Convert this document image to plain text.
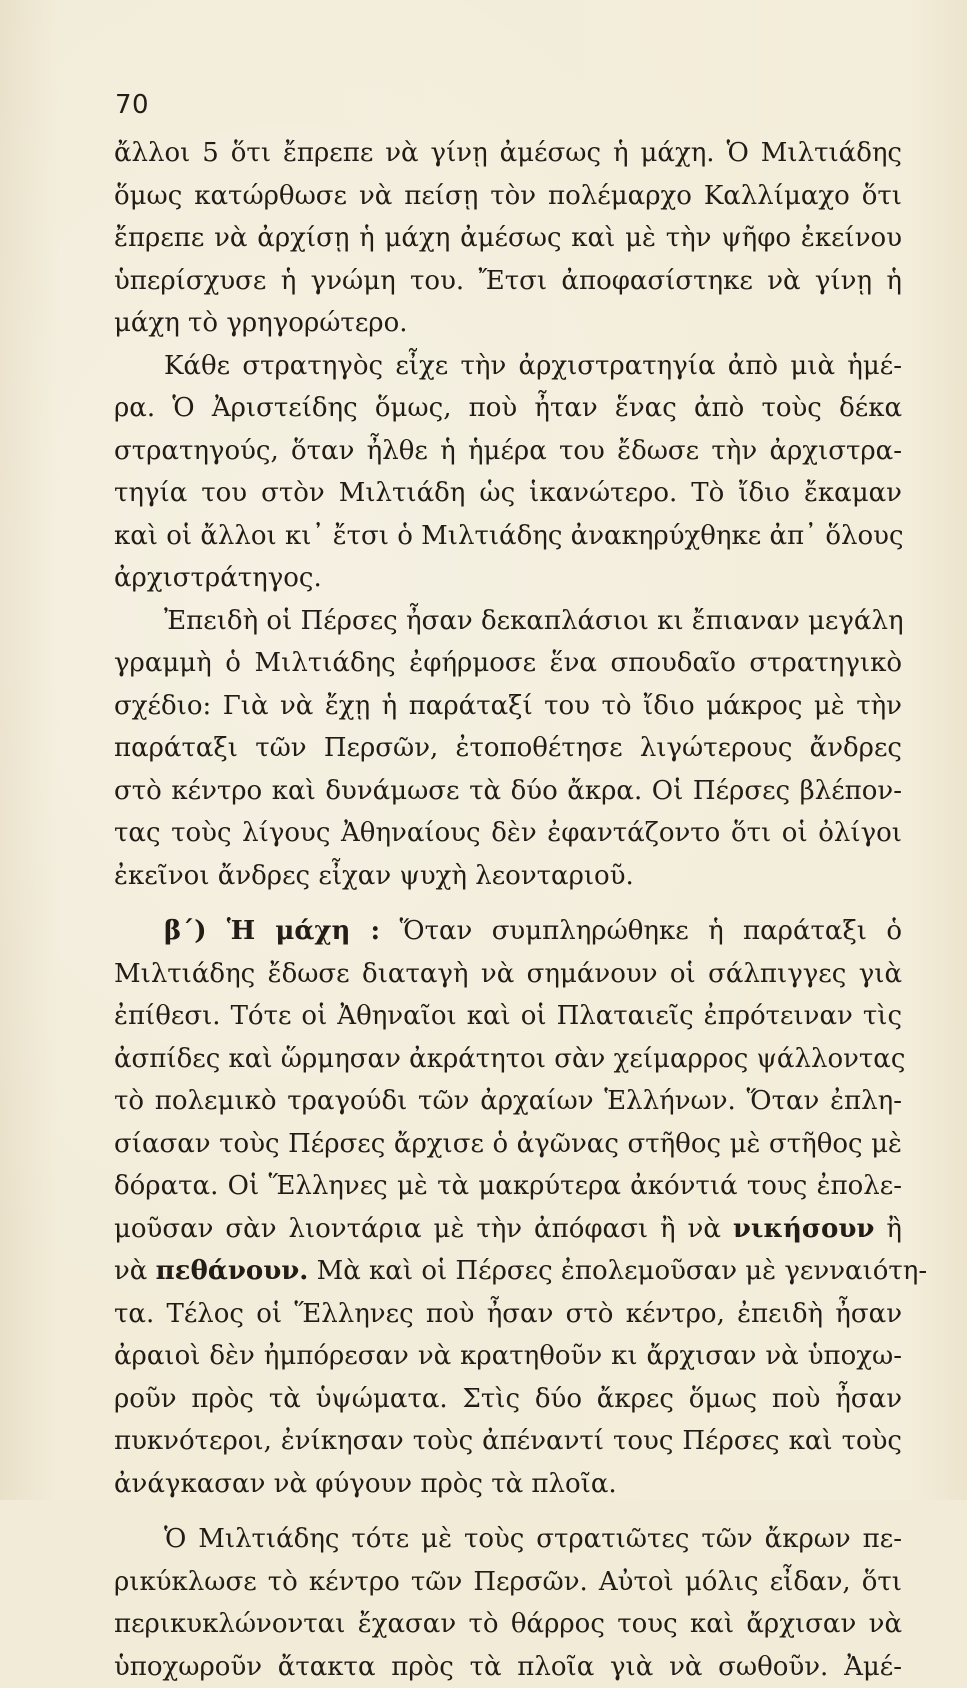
70
ἄλλοι 5 ὅτι ἔπρεπε νὰ γίνῃ ἀμέσως ἡ μάχη. Ὁ Μιλτιάδης
ὅμως κατώρθωσε νὰ πείσῃ τὸν πολέμαρχο Καλλίμαχο ὅτι
ἔπρεπε νὰ ἀρχίσῃ ἡ μάχη ἀμέσως καὶ μὲ τὴν ψῆφο ἐκείνου
ὑπερίσχυσε ἡ γνώμη του. Ἔτσι ἀποφασίστηκε νὰ γίνῃ ἡ
μάχη τὸ γρηγορώτερο.
Κάθε στρατηγὸς εἶχε τὴν ἀρχιστρατηγία ἀπὸ μιὰ ἡμέ-
ρα. Ὁ Ἀριστείδης ὅμως, ποὺ ἦταν ἕνας ἀπὸ τοὺς δέκα
στρατηγούς, ὅταν ἦλθε ἡ ἡμέρα του ἔδωσε τὴν ἀρχιστρα-
τηγία του στὸν Μιλτιάδη ὡς ἱκανώτερο. Τὸ ἴδιο ἔκαμαν
καὶ οἱ ἄλλοι κι᾿ ἔτσι ὁ Μιλτιάδης ἀνακηρύχθηκε ἀπ᾿ ὅλους
ἀρχιστράτηγος.
Ἐπειδὴ οἱ Πέρσες ἦσαν δεκαπλάσιοι κι ἔπιαναν μεγάλη
γραμμὴ ὁ Μιλτιάδης ἐφήρμοσε ἕνα σπουδαῖο στρατηγικὸ
σχέδιο: Γιὰ νὰ ἔχῃ ἡ παράταξί του τὸ ἴδιο μάκρος μὲ τὴν
παράταξι τῶν Περσῶν, ἐτοποθέτησε λιγώτερους ἄνδρες
στὸ κέντρο καὶ δυνάμωσε τὰ δύο ἄκρα. Οἱ Πέρσες βλέπον-
τας τοὺς λίγους Ἀθηναίους δὲν ἐφαντάζοντο ὅτι οἱ ὀλίγοι
ἐκεῖνοι ἄνδρες εἶχαν ψυχὴ λεονταριοῦ.
β´) Ἡ μάχη : Ὅταν συμπληρώθηκε ἡ παράταξι ὁ
Μιλτιάδης ἔδωσε διαταγὴ νὰ σημάνουν οἱ σάλπιγγες γιὰ
ἐπίθεσι. Τότε οἱ Ἀθηναῖοι καὶ οἱ Πλαταιεῖς ἐπρότειναν τὶς
ἀσπίδες καὶ ὥρμησαν ἀκράτητοι σὰν χείμαρρος ψάλλοντας
τὸ πολεμικὸ τραγούδι τῶν ἀρχαίων Ἑλλήνων. Ὅταν ἐπλη-
σίασαν τοὺς Πέρσες ἄρχισε ὁ ἀγῶνας στῆθος μὲ στῆθος μὲ
δόρατα. Οἱ Ἕλληνες μὲ τὰ μακρύτερα ἀκόντιά τους ἐπολε-
μοῦσαν σὰν λιοντάρια μὲ τὴν ἀπόφασι ἢ νὰ νικήσουν ἢ
νὰ πεθάνουν. Μὰ καὶ οἱ Πέρσες ἐπολεμοῦσαν μὲ γενναιότη-
τα. Τέλος οἱ Ἕλληνες ποὺ ἦσαν στὸ κέντρο, ἐπειδὴ ἦσαν
ἀραιοὶ δὲν ἠμπόρεσαν νὰ κρατηθοῦν κι ἄρχισαν νὰ ὑποχω-
ροῦν πρὸς τὰ ὑψώματα. Στὶς δύο ἄκρες ὅμως ποὺ ἦσαν
πυκνότεροι, ἐνίκησαν τοὺς ἀπέναντί τους Πέρσες καὶ τοὺς
ἀνάγκασαν νὰ φύγουν πρὸς τὰ πλοῖα.
Ὁ Μιλτιάδης τότε μὲ τοὺς στρατιῶτες τῶν ἄκρων πε-
ρικύκλωσε τὸ κέντρο τῶν Περσῶν. Αὐτοὶ μόλις εἶδαν, ὅτι
περικυκλώνονται ἔχασαν τὸ θάρρος τους καὶ ἄρχισαν νὰ
ὑποχωροῦν ἄτακτα πρὸς τὰ πλοῖα γιὰ νὰ σωθοῦν. Ἀμέ-
